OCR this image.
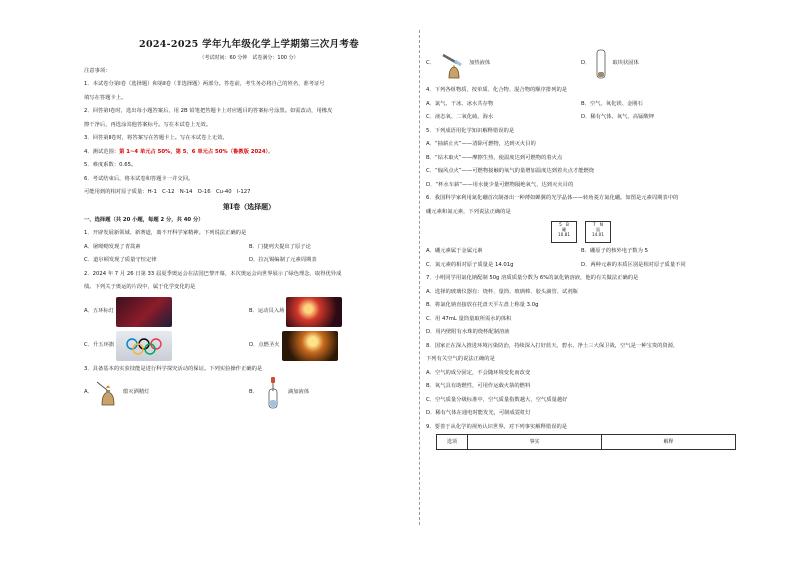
2024-2025 学年九年级化学上学期第三次月考卷
（考试时间：60 分钟　试卷满分：100 分）
注意事项：
1．本试卷分第Ⅰ卷（选择题）和第Ⅱ卷（非选择题）两部分。答卷前，考生务必将自己的姓名、准考证号
填写在答题卡上。
2．回答第Ⅰ卷时，选出每小题答案后，用 2B 铅笔把答题卡上对应题目的答案标号涂黑。如需改动，用橡皮
擦干净后，再选涂其他答案标号。写在本试卷上无效。
3．回答第Ⅱ卷时，将答案写在答题卡上。写在本试卷上无效。
4．测试范围：第 1~4 单元占 50%，第 5、6 单元占 50%（鲁教版 2024）。
5．难度系数：0.65。
6．考试结束后，将本试卷和答题卡一并交回。
可能用到的相对原子质量：H-1　C-12　N-14　O-16　Cu-40　I-127
第Ⅰ卷（选择题）
一、选择题（共 20 小题，每题 2 分，共 40 分）
1．开辟发展新领域、新赛道，离不开科学家精神。下列说法正确的是
A．屠呦呦发现了青蒿素	B．门捷列夫提出了原子论
C．道尔顿发现了质量守恒定律	D．拉瓦锡编制了元素周期表
2．2024 年 7 月 26 日第 33 届夏季奥运会在法国巴黎开幕，本次奥运会向世界展示了绿色理念，取得优异成
绩。下列关于奥运的片段中，属于化学变化的是
A．五环标灯	B．运动员入场
C．升五环旗	D．点燃圣火
3．具备基本的实验技能是进行科学探究活动的保证。下列实验操作正确的是
A．	熄灭酒精灯	B．	滴加液体
C．	加热液体	D．	取块状固体
4．下列各组物质，按单质、化合物、混合物的顺序排列的是
A．氯气、干冰、冰水共存物	B．空气、氧化镁、金刚石
C．液态氧、二氧化硫、海水	D．稀有气体、氧气、高锰酸钾
5．下列成语用化学知识解释错误的是
A．“抽薪止火”——清除可燃物，达到灭火目的
B．“钻木取火”——摩擦生热，使温度达到可燃物的着火点
C．“煽风点火”——可燃物接触的氧气的量增加温度达到着火点才能燃烧
D．“杯水车薪”——用水使少量可燃物隔绝氧气，达到灭火目的
6．我国科学家利用氮化硼首次制备出一种薄如蝉翼的光学晶体——转角菱方氮化硼。如图是元素周期表中的
硼元素和氮元素，下列说法正确的是
5　B
硼
10.81
7　N
氮
14.01
A．硼元素属于金属元素	B．硼原子的核外电子数为 5
C．氮元素的相对原子质量是 14.01g	D．两种元素的本质区别是相对原子质量不同
7．小明同学用氯化钠配制 50g 溶质质量分数为 6%的氯化钠溶液，他的有关做法正确的是
A．选择的玻璃仪器有：烧杯、量筒、玻璃棒、胶头滴管、试剂瓶
B．将氯化钠直接放在托盘天平左盘上称量 3.0g
C．用 47mL 量筒量取所需水的体积
D．用内壁附有水珠的烧杯配制溶液
8．国家正在深入推进环境污染防治，持续深入打好蓝天、碧水、净土三大保卫战，空气是一种宝贵的资源，
下列有关空气的说法正确的是
A．空气的成分固定，不会随环境变化而改变
B．氧气具有助燃性，可用作运载火箭的燃料
C．空气质量分级标准中，空气质量指数越大，空气质量越好
D．稀有气体在通电时能发光，可制成霓虹灯
9．要善于从化学的视角认识世界。对下列事实解释错误的是
选项	事实	解释
